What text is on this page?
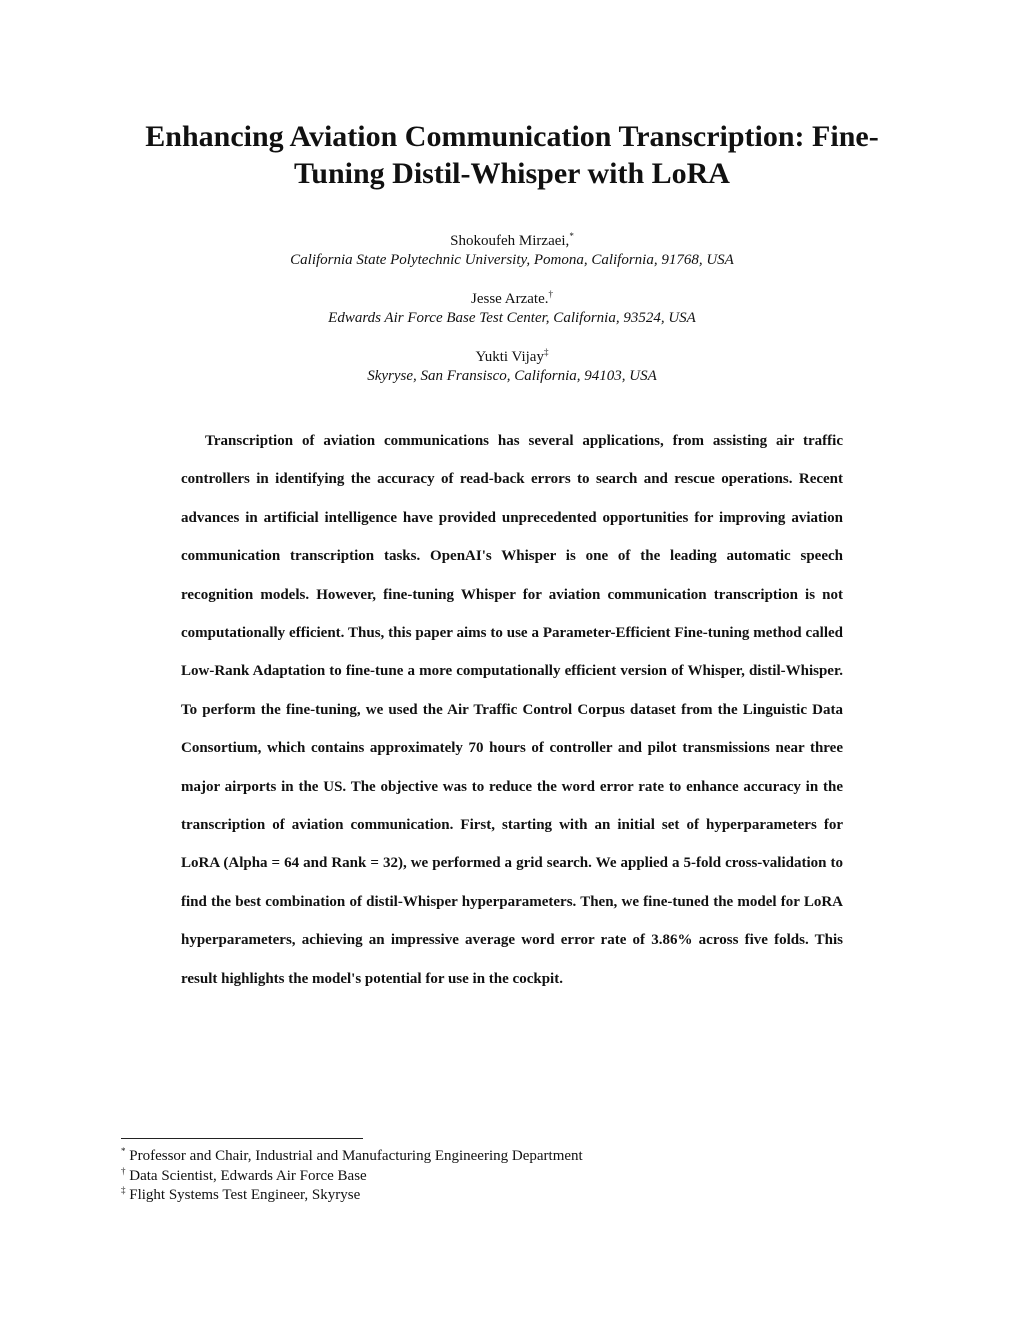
Enhancing Aviation Communication Transcription: Fine-
Tuning Distil-Whisper with LoRA
Shokoufeh Mirzaei,*
California State Polytechnic University, Pomona, California, 91768, USA
Jesse Arzate.†
Edwards Air Force Base Test Center, California, 93524, USA
Yukti Vijay‡
Skyryse, San Fransisco, California, 94103, USA

Transcription of aviation communications has several applications, from assisting air traffic controllers in identifying the accuracy of read-back errors to search and rescue operations. Recent advances in artificial intelligence have provided unprecedented opportunities for improving aviation communication transcription tasks. OpenAI's Whisper is one of the leading automatic speech recognition models. However, fine-tuning Whisper for aviation communication transcription is not computationally efficient. Thus, this paper aims to use a Parameter-Efficient Fine-tuning method called Low-Rank Adaptation to fine-tune a more computationally efficient version of Whisper, distil-Whisper. To perform the fine-tuning, we used the Air Traffic Control Corpus dataset from the Linguistic Data Consortium, which contains approximately 70 hours of controller and pilot transmissions near three major airports in the US. The objective was to reduce the word error rate to enhance accuracy in the transcription of aviation communication. First, starting with an initial set of hyperparameters for LoRA (Alpha = 64 and Rank = 32), we performed a grid search. We applied a 5-fold cross-validation to find the best combination of distil-Whisper hyperparameters. Then, we fine-tuned the model for LoRA hyperparameters, achieving an impressive average word error rate of 3.86% across five folds. This result highlights the model's potential for use in the cockpit.

* Professor and Chair, Industrial and Manufacturing Engineering Department
† Data Scientist, Edwards Air Force Base
‡ Flight Systems Test Engineer, Skyryse
